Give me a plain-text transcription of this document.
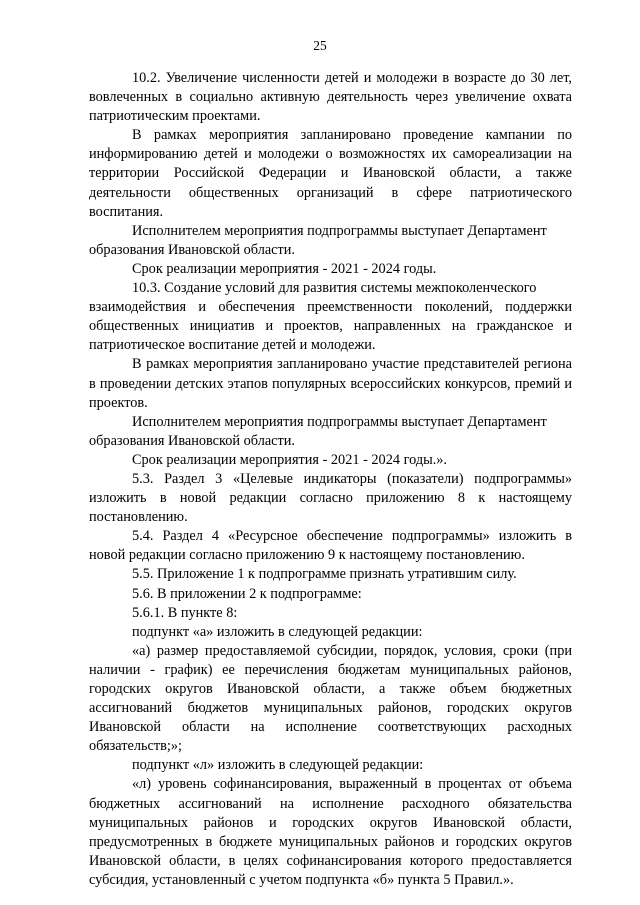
25

10.2. Увеличение численности детей и молодежи в возрасте до 30 лет, вовлеченных в социально активную деятельность через увеличение охвата патриотическим проектами.

В рамках мероприятия запланировано проведение кампании по информированию детей и молодежи о возможностях их самореализации на территории Российской Федерации и Ивановской области, а также деятельности общественных организаций в сфере патриотического воспитания.

Исполнителем мероприятия подпрограммы выступает Департамент

образования Ивановской области.

Срок реализации мероприятия - 2021 - 2024 годы.

10.3. Создание условий для развития системы межпоколенческого

взаимодействия и обеспечения преемственности поколений, поддержки общественных инициатив и проектов, направленных на гражданское и патриотическое воспитание детей и молодежи.

В рамках мероприятия запланировано участие представителей региона в проведении детских этапов популярных всероссийских конкурсов, премий и проектов.

Исполнителем мероприятия подпрограммы выступает Департамент

образования Ивановской области.

Срок реализации мероприятия - 2021 - 2024 годы.».

5.3. Раздел 3 «Целевые индикаторы (показатели) подпрограммы» изложить в новой редакции согласно приложению 8 к настоящему постановлению.

5.4. Раздел 4 «Ресурсное обеспечение подпрограммы» изложить в новой редакции согласно приложению 9 к настоящему постановлению.

5.5. Приложение 1 к подпрограмме признать утратившим силу.

5.6. В приложении 2 к подпрограмме:

5.6.1. В пункте 8:

подпункт «а» изложить в следующей редакции:

«а) размер предоставляемой субсидии, порядок, условия, сроки (при наличии - график) ее перечисления бюджетам муниципальных районов, городских округов Ивановской области, а также объем бюджетных ассигнований бюджетов муниципальных районов, городских округов Ивановской области на исполнение соответствующих расходных обязательств;»;

подпункт «л» изложить в следующей редакции:

«л) уровень софинансирования, выраженный в процентах от объема бюджетных ассигнований на исполнение расходного обязательства муниципальных районов и городских округов Ивановской области, предусмотренных в бюджете муниципальных районов и городских округов Ивановской области, в целях софинансирования которого предоставляется субсидия, установленный с учетом подпункта «б» пункта 5 Правил.».
